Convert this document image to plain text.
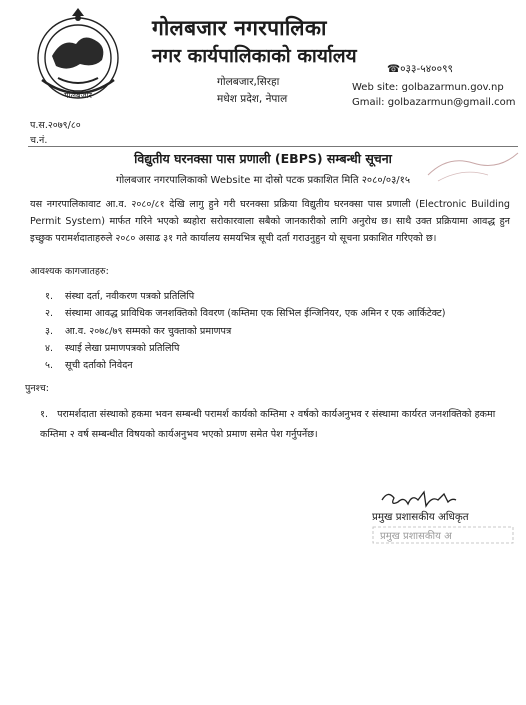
गोलबजार
गोलबजार नगरपालिका
नगर कार्यपालिकाको कार्यालय
गोलबजार,सिरहा
मधेश प्रदेश, नेपाल
☎०३३-५४००९९
Web site: golbazarmun.gov.np
Gmail: golbazarmun@gmail.com
प.स.२०७९/८०
च.नं.
विद्युतीय घरनक्सा पास प्रणाली (EBPS) सम्बन्धी सूचना
गोलबजार नगरपालिकाको Website मा दोस्रो पटक प्रकाशित मिति २०८०/०३/१५
यस नगरपालिकावाट आ.व. २०८०/८१ देखि लागु हुने गरी घरनक्सा प्रक्रिया विद्युतीय घरनक्सा पास प्रणाली (Electronic Building Permit System) मार्फत गरिने भएको ब्यहोरा सरोकारवाला सबैको जानकारीको लागि अनुरोध छ। साथै उक्त प्रक्रियामा आवद्ध हुन इच्छुक परामर्शदाताहरुले २०८० असाढ ३१ गते कार्यालय समयभित्र सूची दर्ता गराउनुहुन यो सूचना प्रकाशित गरिएको छ।
आवश्यक कागजातहरु:
१. संस्था दर्ता, नवीकरण पत्रको प्रतिलिपि
२. संस्थामा आवद्ध प्राविधिक जनशक्तिको विवरण (कम्तिमा एक सिभिल ईन्जिनियर, एक अमिन र एक आर्किटेक्ट)
३. आ.व. २०७८/७९ सम्मको कर चुक्ताको प्रमाणपत्र
४. स्थाई लेखा प्रमाणपत्रको प्रतिलिपि
५. सूची दर्ताको निवेदन
पुनश्च:
१. परामर्शदाता संस्थाको हकमा भवन सम्बन्धी परामर्श कार्यको कम्तिमा २ वर्षको कार्यअनुभव र संस्थामा कार्यरत जनशक्तिको हकमा कम्तिमा २ वर्ष सम्बन्धीत विषयको कार्यअनुभव भएको प्रमाण समेत पेश गर्नुपर्नेछ।
प्रमुख प्रशासकीय अधिकृत
प्रमुख प्रशासकीय अ
